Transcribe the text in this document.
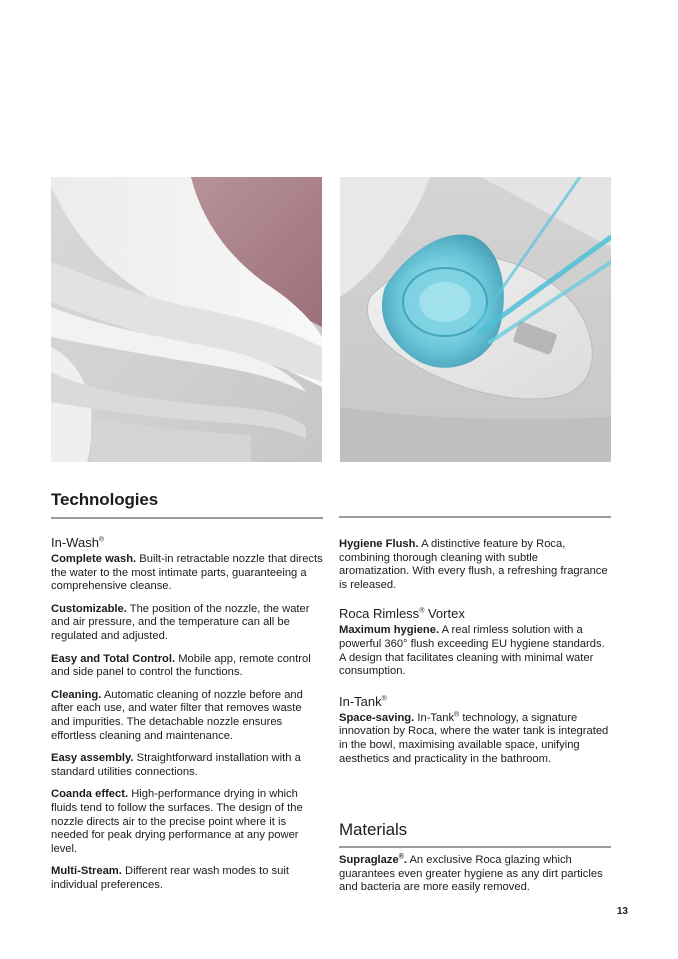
Technologies
In-Wash®

Complete wash. Built-in retractable nozzle that directs the water to the most intimate parts, guaranteeing a comprehensive cleanse.

Customizable. The position of the nozzle, the water and air pressure, and the temperature can all be regulated and adjusted.

Easy and Total Control. Mobile app, remote control and side panel to control the functions.

Cleaning. Automatic cleaning of nozzle before and after each use, and water filter that removes waste and impurities. The detachable nozzle ensures effortless cleaning and maintenance.

Easy assembly. Straightforward installation with a standard utilities connections.

Coanda effect. High-performance drying in which fluids tend to follow the surfaces. The design of the nozzle directs air to the precise point where it is needed for peak drying performance at any power level.

Multi-Stream. Different rear wash modes to suit individual preferences.

Hygiene Flush. A distinctive feature by Roca, combining thorough cleaning with subtle aromatization. With every flush, a refreshing fragrance is released.

Roca Rimless® Vortex

Maximum hygiene. A real rimless solution with a powerful 360° flush exceeding EU hygiene standards. A design that facilitates cleaning with minimal water consumption.

In-Tank®

Space-saving. In-Tank® technology, a signature innovation by Roca, where the water tank is integrated in the bowl, maximising available space, unifying aesthetics and practicality in the bathroom.

Materials

Supraglaze®. An exclusive Roca glazing which guarantees even greater hygiene as any dirt particles and bacteria are more easily removed.

13
